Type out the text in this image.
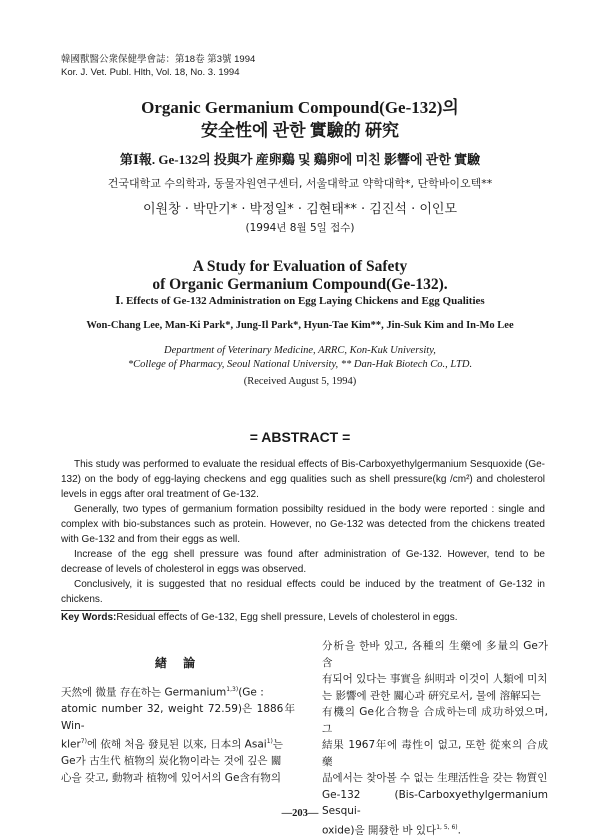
韓國獸醫公衆保健學會誌：第18卷 第3號 1994
Kor. J. Vet. Publ. Hlth, Vol. 18, No. 3. 1994
Organic Germanium Compound(Ge-132)의
安全性에 관한 實驗的 硏究
第Ⅰ報. Ge-132의 投與가 産卵鷄 및 鷄卵에 미친 影響에 관한 實驗
건국대학교 수의학과, 동물자원연구센터, 서울대학교 약학대학*, 단학바이오텍**
이원창 · 박만기* · 박정일* · 김현태** · 김진석 · 이인모
(1994년 8월 5일 접수)
A Study for Evaluation of Safety
of Organic Germanium Compound(Ge-132).
Ⅰ. Effects of Ge-132 Administration on Egg Laying Chickens and Egg Qualities
Won-Chang Lee, Man-Ki Park*, Jung-Il Park*, Hyun-Tae Kim**, Jin-Suk Kim and In-Mo Lee
Department of Veterinary Medicine, ARRC, Kon-Kuk University,
*College of Pharmacy, Seoul National University, ** Dan-Hak Biotech Co., LTD.
(Received August 5, 1994)
= ABSTRACT =

This study was performed to evaluate the residual effects of Bis-Carboxyethylgermanium Sesquoxide (Ge-132) on the body of egg-laying checkens and egg qualities such as shell pressure(kg /cm²) and cholesterol levels in eggs after oral treatment of Ge-132.

Generally, two types of germanium formation possibilty residued in the body were reported : single and complex with bio-substances such as protein. However, no Ge-132 was detected from the chickens treated with Ge-132 and from their eggs as well.

Increase of the egg shell pressure was found after administration of Ge-132. However, tend to be decrease of levels of cholesterol in eggs was observed.

Conclusively, it is suggested that no residual effects could be induced by the treatment of Ge-132 in chickens.

Key Words:Residual effects of Ge-132, Egg shell pressure, Levels of cholesterol in eggs.
緖 論
天然에 微量 存在하는 Germanium$^{1,3)}$(Ge :
atomic number 32, weight 72.59)은 1886年 Win-
kler$^{7)}$에 依해 처음 發見된 以來, 日本의 Asai$^{1)}$는
Ge가 古生代 植物의 炭化物이라는 것에 깊은 關
心을 갖고, 動物과 植物에 있어서의 Ge含有物의
分析을 한바 있고, 各種의 生藥에 多量의 Ge가 含
有되어 있다는 事實을 糾明과 이것이 人類에 미치
는 影響에 관한 關心과 硏究로서, 물에 溶解되는
有機의 Ge化合物을 合成하는데 成功하였으며, 그
結果 1967年에 毒性이 없고, 또한 從來의 合成藥
品에서는 찾아볼 수 없는 生理活性을 갖는 物質인
Ge-132 (Bis-Carboxyethylgermanium Sesqui-
oxide)을 開發한 바 있다$^{1, 5, 6)}$.
—203—
